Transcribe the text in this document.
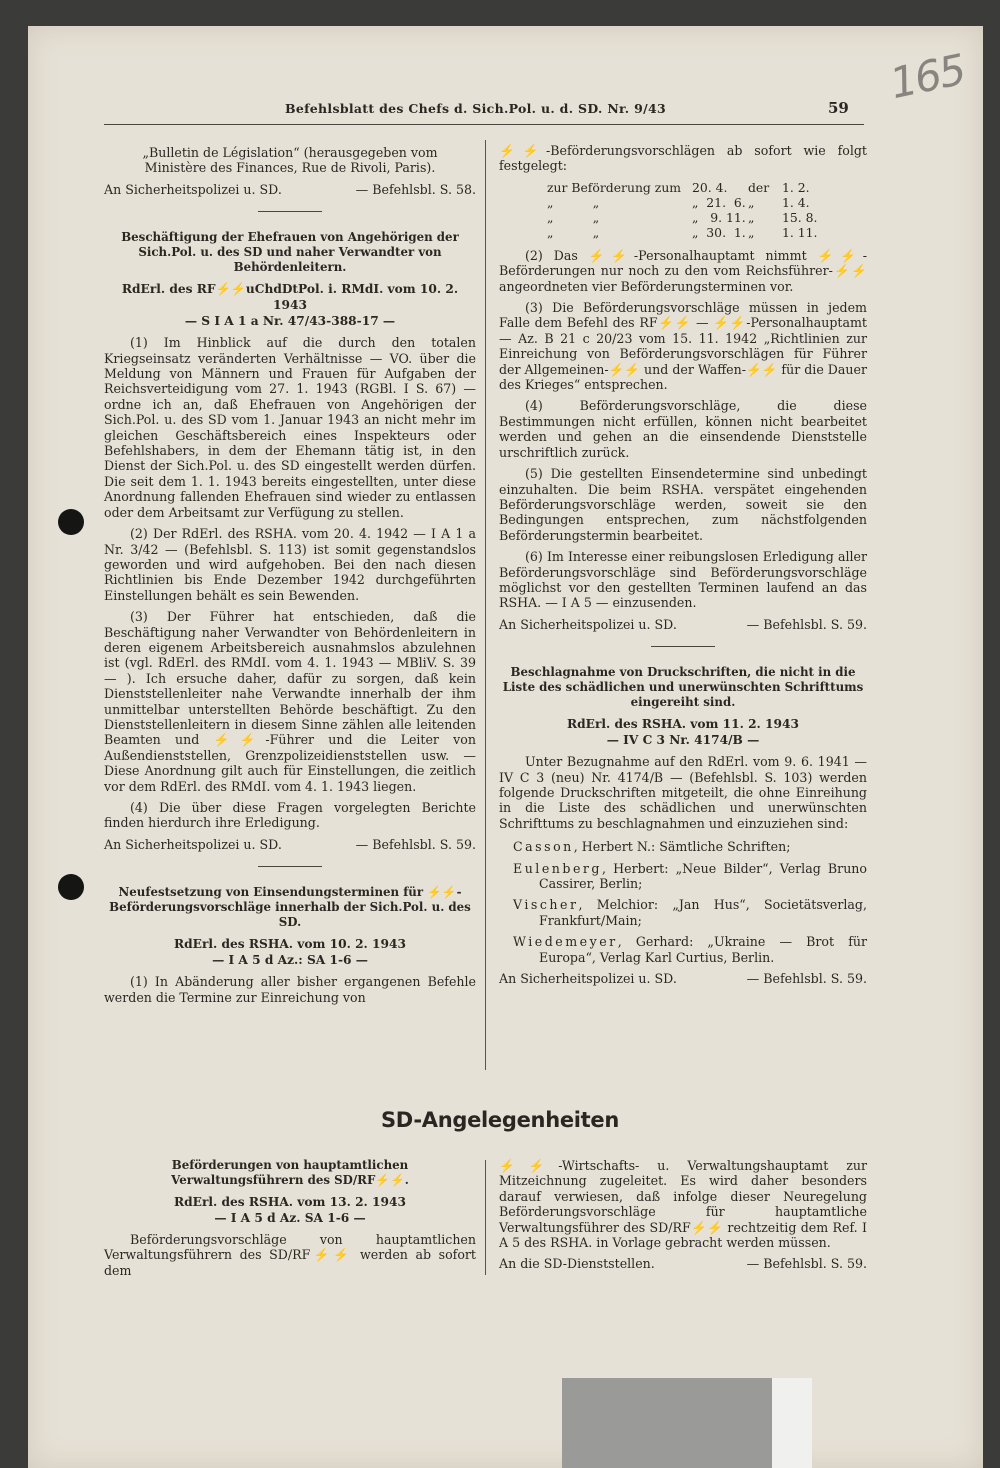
165
Befehlsblatt des Chefs d. Sich.Pol. u. d. SD. Nr. 9/43	59

„Bulletin de Législation“ (herausgegeben vom Ministère des Finances, Rue de Rivoli, Paris).

An Sicherheitspolizei u. SD.	— Befehlsbl. S. 58.

Beschäftigung der Ehefrauen von Angehörigen der Sich.Pol. u. des SD und naher Verwandter von Behördenleitern.

RdErl. des RF⚡⚡uChdDtPol. i. RMdI. vom 10. 2. 1943

— S I A 1 a Nr. 47/43-388-17 —

(1) Im Hinblick auf die durch den totalen Kriegseinsatz veränderten Verhältnisse — VO. über die Meldung von Männern und Frauen für Aufgaben der Reichsverteidigung vom 27. 1. 1943 (RGBl. I S. 67) — ordne ich an, daß Ehefrauen von Angehörigen der Sich.Pol. u. des SD vom 1. Januar 1943 an nicht mehr im gleichen Geschäftsbereich eines Inspekteurs oder Befehlshabers, in dem der Ehemann tätig ist, in den Dienst der Sich.Pol. u. des SD eingestellt werden dürfen. Die seit dem 1. 1. 1943 bereits eingestellten, unter diese Anordnung fallenden Ehefrauen sind wieder zu entlassen oder dem Arbeitsamt zur Verfügung zu stellen.

(2) Der RdErl. des RSHA. vom 20. 4. 1942 — I A 1 a Nr. 3/42 — (Befehlsbl. S. 113) ist somit gegenstandslos geworden und wird aufgehoben. Bei den nach diesen Richtlinien bis Ende Dezember 1942 durchgeführten Einstellungen behält es sein Bewenden.

(3) Der Führer hat entschieden, daß die Beschäftigung naher Verwandter von Behördenleitern in deren eigenem Arbeitsbereich ausnahmslos abzulehnen ist (vgl. RdErl. des RMdI. vom 4. 1. 1943 — MBliV. S. 39 — ). Ich ersuche daher, dafür zu sorgen, daß kein Dienststellenleiter nahe Verwandte innerhalb der ihm unmittelbar unterstellten Behörde beschäftigt. Zu den Dienststellenleitern in diesem Sinne zählen alle leitenden Beamten und ⚡⚡-Führer und die Leiter von Außendienststellen, Grenzpolizeidienststellen usw. — Diese Anordnung gilt auch für Einstellungen, die zeitlich vor dem RdErl. des RMdI. vom 4. 1. 1943 liegen.

(4) Die über diese Fragen vorgelegten Berichte finden hierdurch ihre Erledigung.

An Sicherheitspolizei u. SD.	— Befehlsbl. S. 59.

Neufestsetzung von Einsendungsterminen für ⚡⚡-Beförderungsvorschläge innerhalb der Sich.Pol. u. des SD.

RdErl. des RSHA. vom 10. 2. 1943

— I A 5 d Az.: SA 1-6 —

(1) In Abänderung aller bisher ergangenen Befehle werden die Termine zur Einreichung von

⚡⚡-Beförderungsvorschlägen ab sofort wie folgt festgelegt:

zur Beförderung zum 20. 4.	der	1. 2.
„          „	„  21.  6. „	1. 4.
„          „	„   9. 11. „	15. 8.
„          „	„  30.  1. „	1. 11.

(2) Das ⚡⚡-Personalhauptamt nimmt ⚡⚡-Beförderungen nur noch zu den vom Reichsführer-⚡⚡ angeordneten vier Beförderungsterminen vor.

(3) Die Beförderungsvorschläge müssen in jedem Falle dem Befehl des RF⚡⚡ — ⚡⚡-Personalhauptamt — Az. B 21 c 20/23 vom 15. 11. 1942 „Richtlinien zur Einreichung von Beförderungsvorschlägen für Führer der Allgemeinen-⚡⚡ und der Waffen-⚡⚡ für die Dauer des Krieges“ entsprechen.

(4) Beförderungsvorschläge, die diese Bestimmungen nicht erfüllen, können nicht bearbeitet werden und gehen an die einsendende Dienststelle urschriftlich zurück.

(5) Die gestellten Einsendetermine sind unbedingt einzuhalten. Die beim RSHA. verspätet eingehenden Beförderungsvorschläge werden, soweit sie den Bedingungen entsprechen, zum nächstfolgenden Beförderungstermin bearbeitet.

(6) Im Interesse einer reibungslosen Erledigung aller Beförderungsvorschläge sind Beförderungsvorschläge möglichst vor den gestellten Terminen laufend an das RSHA. — I A 5 — einzusenden.

An Sicherheitspolizei u. SD.	— Befehlsbl. S. 59.

Beschlagnahme von Druckschriften, die nicht in die Liste des schädlichen und unerwünschten Schrifttums eingereiht sind.

RdErl. des RSHA. vom 11. 2. 1943

— IV C 3 Nr. 4174/B —

Unter Bezugnahme auf den RdErl. vom 9. 6. 1941 — IV C 3 (neu) Nr. 4174/B — (Befehlsbl. S. 103) werden folgende Druckschriften mitgeteilt, die ohne Einreihung in die Liste des schädlichen und unerwünschten Schrifttums zu beschlagnahmen und einzuziehen sind:

Casson, Herbert N.: Sämtliche Schriften;

Eulenberg, Herbert: „Neue Bilder“, Verlag Bruno Cassirer, Berlin;

Vischer, Melchior: „Jan Hus“, Societätsverlag, Frankfurt/Main;

Wiedemeyer, Gerhard: „Ukraine — Brot für Europa“, Verlag Karl Curtius, Berlin.

An Sicherheitspolizei u. SD.	— Befehlsbl. S. 59.
SD-Angelegenheiten

Beförderungen von hauptamtlichen Verwaltungsführern des SD/RF⚡⚡.

RdErl. des RSHA. vom 13. 2. 1943

— I A 5 d Az. SA 1-6 —

Beförderungsvorschläge von hauptamtlichen Verwaltungsführern des SD/RF⚡⚡ werden ab sofort dem

⚡⚡-Wirtschafts- u. Verwaltungshauptamt zur Mitzeichnung zugeleitet. Es wird daher besonders darauf verwiesen, daß infolge dieser Neuregelung Beförderungsvorschläge für hauptamtliche Verwaltungsführer des SD/RF⚡⚡ rechtzeitig dem Ref. I A 5 des RSHA. in Vorlage gebracht werden müssen.

An die SD-Dienststellen.	— Befehlsbl. S. 59.
